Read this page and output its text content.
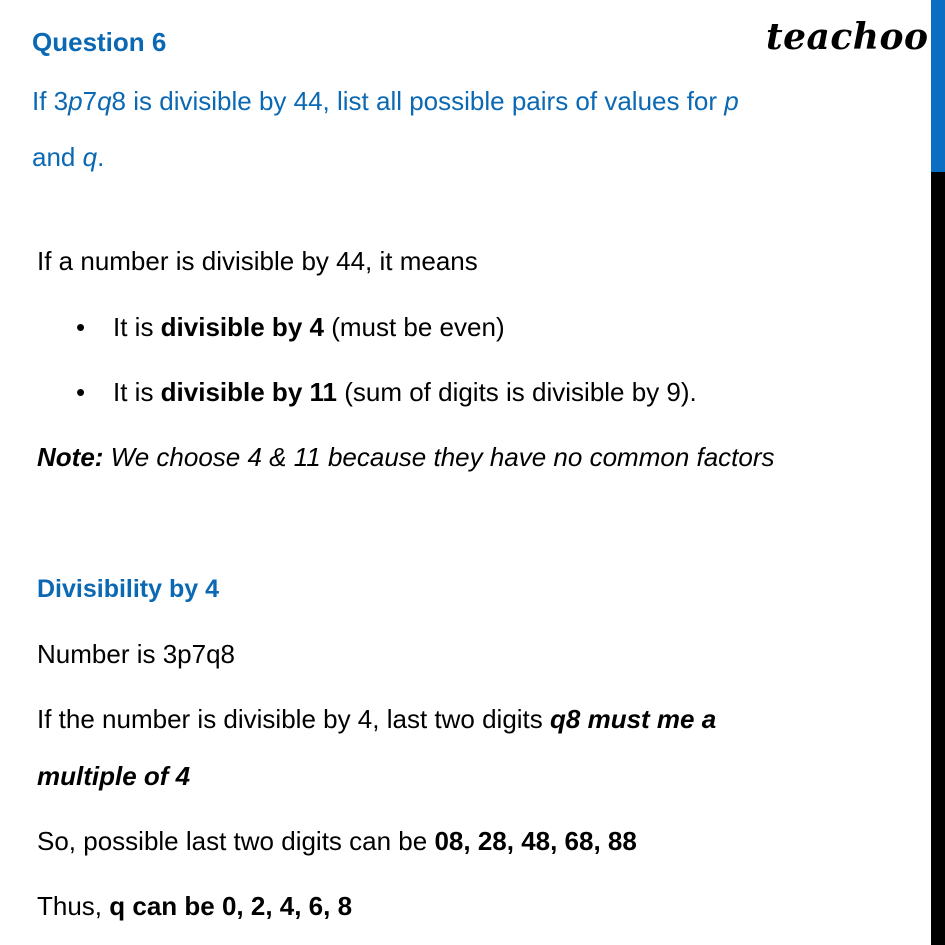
teachoo
Question 6
If 3p7q8 is divisible by 44, list all possible pairs of values for p
and q.
If a number is divisible by 44, it means
• It is divisible by 4 (must be even)
• It is divisible by 11 (sum of digits is divisible by 9).
Note: We choose 4 & 11 because they have no common factors
Divisibility by 4
Number is 3p7q8
If the number is divisible by 4, last two digits q8 must me a
multiple of 4
So, possible last two digits can be 08, 28, 48, 68, 88
Thus, q can be 0, 2, 4, 6, 8
